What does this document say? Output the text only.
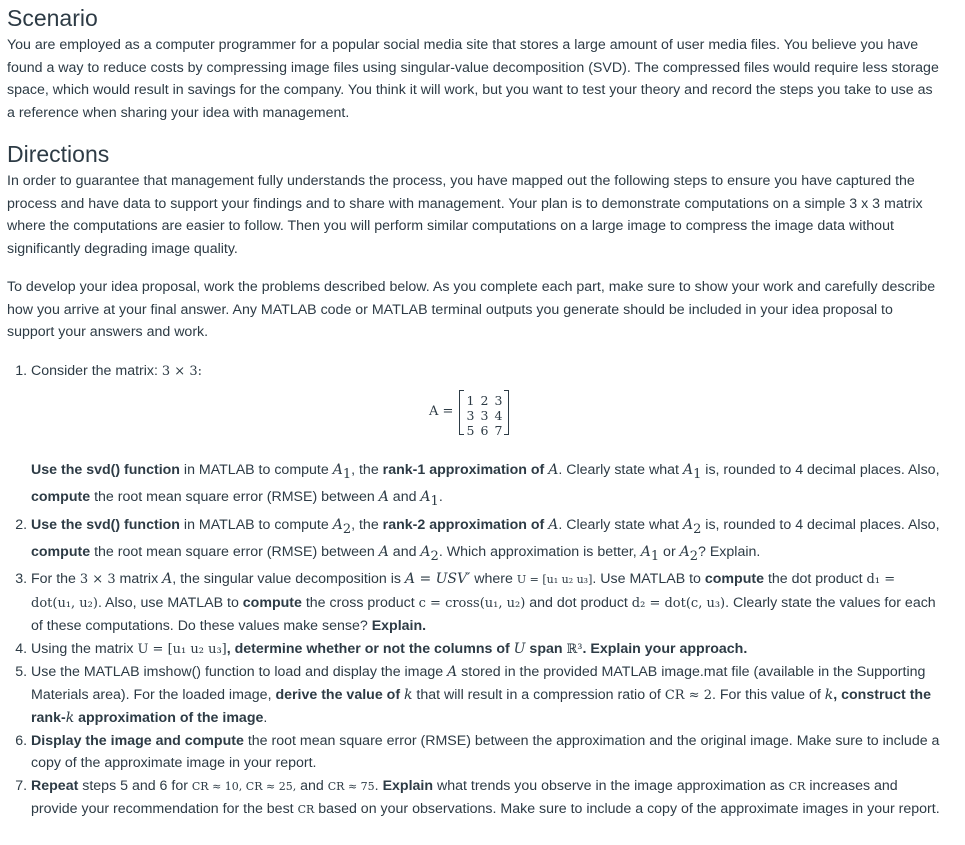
Scenario

You are employed as a computer programmer for a popular social media site that stores a large amount of user media files. You believe you have found a way to reduce costs by compressing image files using singular-value decomposition (SVD). The compressed files would require less storage space, which would result in savings for the company. You think it will work, but you want to test your theory and record the steps you take to use as a reference when sharing your idea with management.

Directions

In order to guarantee that management fully understands the process, you have mapped out the following steps to ensure you have captured the process and have data to support your findings and to share with management. Your plan is to demonstrate computations on a simple 3 x 3 matrix where the computations are easier to follow. Then you will perform similar computations on a large image to compress the image data without significantly degrading image quality.

To develop your idea proposal, work the problems described below. As you complete each part, make sure to show your work and carefully describe how you arrive at your final answer. Any MATLAB code or MATLAB terminal outputs you generate should be included in your idea proposal to support your answers and work.

1. Consider the matrix: 3 × 3:
A =
1 2 3
3 3 4
5 6 7
Use the svd() function in MATLAB to compute $A_1$, the rank-1 approximation of A. Clearly state what $A_1$ is, rounded to 4 decimal places. Also, compute the root mean square error (RMSE) between A and $A_1$.
2. Use the svd() function in MATLAB to compute $A_2$, the rank-2 approximation of A. Clearly state what $A_2$ is, rounded to 4 decimal places. Also, compute the root mean square error (RMSE) between A and $A_2$. Which approximation is better, $A_1$ or $A_2$? Explain.
3. For the 3 × 3 matrix A, the singular value decomposition is A = USV′ where U = [u₁ u₂ u₃]. Use MATLAB to compute the dot product d₁ = dot(u₁, u₂). Also, use MATLAB to compute the cross product c = cross(u₁, u₂) and dot product d₂ = dot(c, u₃). Clearly state the values for each of these computations. Do these values make sense? Explain.
4. Using the matrix U = [u₁ u₂ u₃], determine whether or not the columns of U span ℝ³. Explain your approach.
5. Use the MATLAB imshow() function to load and display the image A stored in the provided MATLAB image.mat file (available in the Supporting Materials area). For the loaded image, derive the value of k that will result in a compression ratio of CR ≈ 2. For this value of k, construct the rank-k approximation of the image.
6. Display the image and compute the root mean square error (RMSE) between the approximation and the original image. Make sure to include a copy of the approximate image in your report.
7. Repeat steps 5 and 6 for CR ≈ 10, CR ≈ 25, and CR ≈ 75. Explain what trends you observe in the image approximation as CR increases and provide your recommendation for the best CR based on your observations. Make sure to include a copy of the approximate images in your report.
